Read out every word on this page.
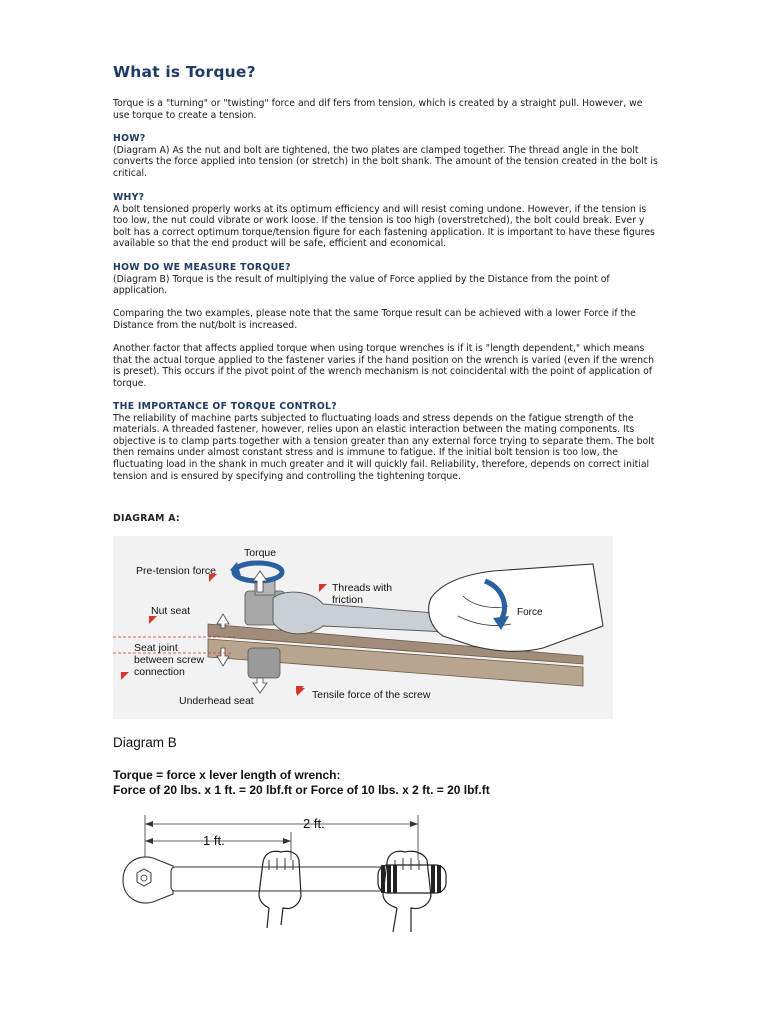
What is Torque?
Torque is a "turning" or "twisting" force and dif fers from tension, which is created by a straight pull. However, we use torque to create a tension.
HOW?
(Diagram A) As the nut and bolt are tightened, the two plates are clamped together. The thread angle in the bolt converts the force applied into tension (or stretch) in the bolt shank. The amount of the tension created in the bolt is critical.
WHY?
A bolt tensioned properly works at its optimum efficiency and will resist coming undone. However, if the tension is too low, the nut could vibrate or work loose. If the tension is too high (overstretched), the bolt could break. Ever y bolt has a correct optimum torque/tension figure for each fastening application. It is important to have these figures available so that the end product will be safe, efficient and economical.
HOW DO WE MEASURE TORQUE?
(Diagram B) Torque is the result of multiplying the value of Force applied by the Distance from the point of application.
Comparing the two examples, please note that the same Torque result can be achieved with a lower Force if the Distance from the nut/bolt is increased.
Another factor that affects applied torque when using torque wrenches is if it is "length dependent," which means that the actual torque applied to the fastener varies if the hand position on the wrench is varied (even if the wrench is preset). This occurs if the pivot point of the wrench mechanism is not coincidental with the point of application of torque.
THE IMPORTANCE OF TORQUE CONTROL?
The reliability of machine parts subjected to fluctuating loads and stress depends on the fatigue strength of the materials. A threaded fastener, however, relies upon an elastic interaction between the mating components. Its objective is to clamp parts together with a tension greater than any external force trying to separate them. The bolt then remains under almost constant stress and is immune to fatigue. If the initial bolt tension is too low, the fluctuating load in the shank in much greater and it will quickly fail. Reliability, therefore, depends on correct initial tension and is ensured by specifying and controlling the tightening torque.
DIAGRAM A:
Torque
Pre-tension force
Threads with
friction
Nut seat	Force
Seat joint
between screw
connection
Underhead seat	Tensile force of the screw
Diagram B
Torque = force x lever length of wrench:
Force of 20 lbs. x 1 ft. = 20 lbf.ft or Force of 10 lbs. x 2 ft. = 20 lbf.ft
1 ft.
2 ft.
